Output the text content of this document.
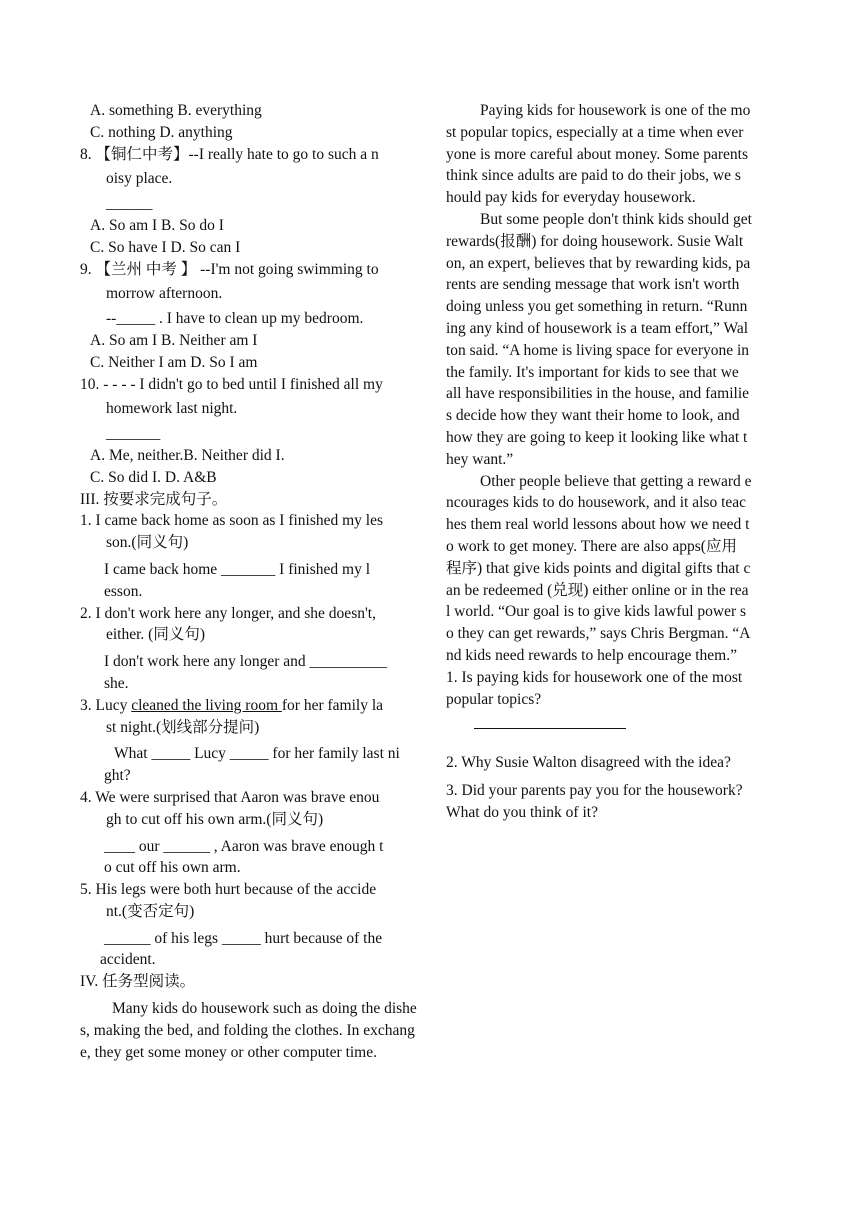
A. something B. everything
C. nothing D. anything
8. 【铜仁中考】--I really hate to go to such a n
oisy place.
______
A. So am I B. So do I
C. So have I D. So can I
9. 【兰州 中考 】 --I'm not going swimming to
morrow afternoon.
--_____ . I have to clean up my bedroom.
A. So am I B. Neither am I
C. Neither I am D. So I am
10. - - - - I didn't go to bed until I finished all my
homework last night.
_______
A. Me, neither.B. Neither did I.
C. So did I. D. A&B
III. 按要求完成句子。
1. I came back home as soon as I finished my les
son.(同义句)
I came back home _______ I finished my l
esson.
2. I don't work here any longer, and she doesn't,
either. (同义句)
I don't work here any longer and __________
she.
3. Lucy cleaned the living room for her family la
st night.(划线部分提问)
What _____ Lucy _____ for her family last ni
ght?
4. We were surprised that Aaron was brave enou
gh to cut off his own arm.(同义句)
____ our ______ , Aaron was brave enough t
o cut off his own arm.
5. His legs were both hurt because of the accide
nt.(变否定句)
______ of his legs _____ hurt because of the
accident.
IV. 任务型阅读。

Many kids do housework such as doing the dishes, making the bed, and folding the clothes. In exchange, they get some money or other computer time.

Paying kids for housework is one of the mo
st popular topics, especially at a time when ever
yone is more careful about money. Some parents
think since adults are paid to do their jobs, we s
hould pay kids for everyday housework.
But some people don't think kids should get
rewards(报酬) for doing housework. Susie Walt
on, an expert, believes that by rewarding kids, pa
rents are sending message that work isn't worth
doing unless you get something in return. “Runn
ing any kind of housework is a team effort,” Wal
ton said. “A home is living space for everyone in
the family. It's important for kids to see that we
all have responsibilities in the house, and familie
s decide how they want their home to look, and
how they are going to keep it looking like what t
hey want.”
Other people believe that getting a reward e
ncourages kids to do housework, and it also teac
hes them real world lessons about how we need t
o work to get money. There are also apps(应用
程序) that give kids points and digital gifts that c
an be redeemed (兑现) either online or in the rea
l world. “Our goal is to give kids lawful power s
o they can get rewards,” says Chris Bergman. “A
nd kids need rewards to help encourage them.”
1. Is paying kids for housework one of the most
popular topics?
2. Why Susie Walton disagreed with the idea?
3. Did your parents pay you for the housework?
What do you think of it?
